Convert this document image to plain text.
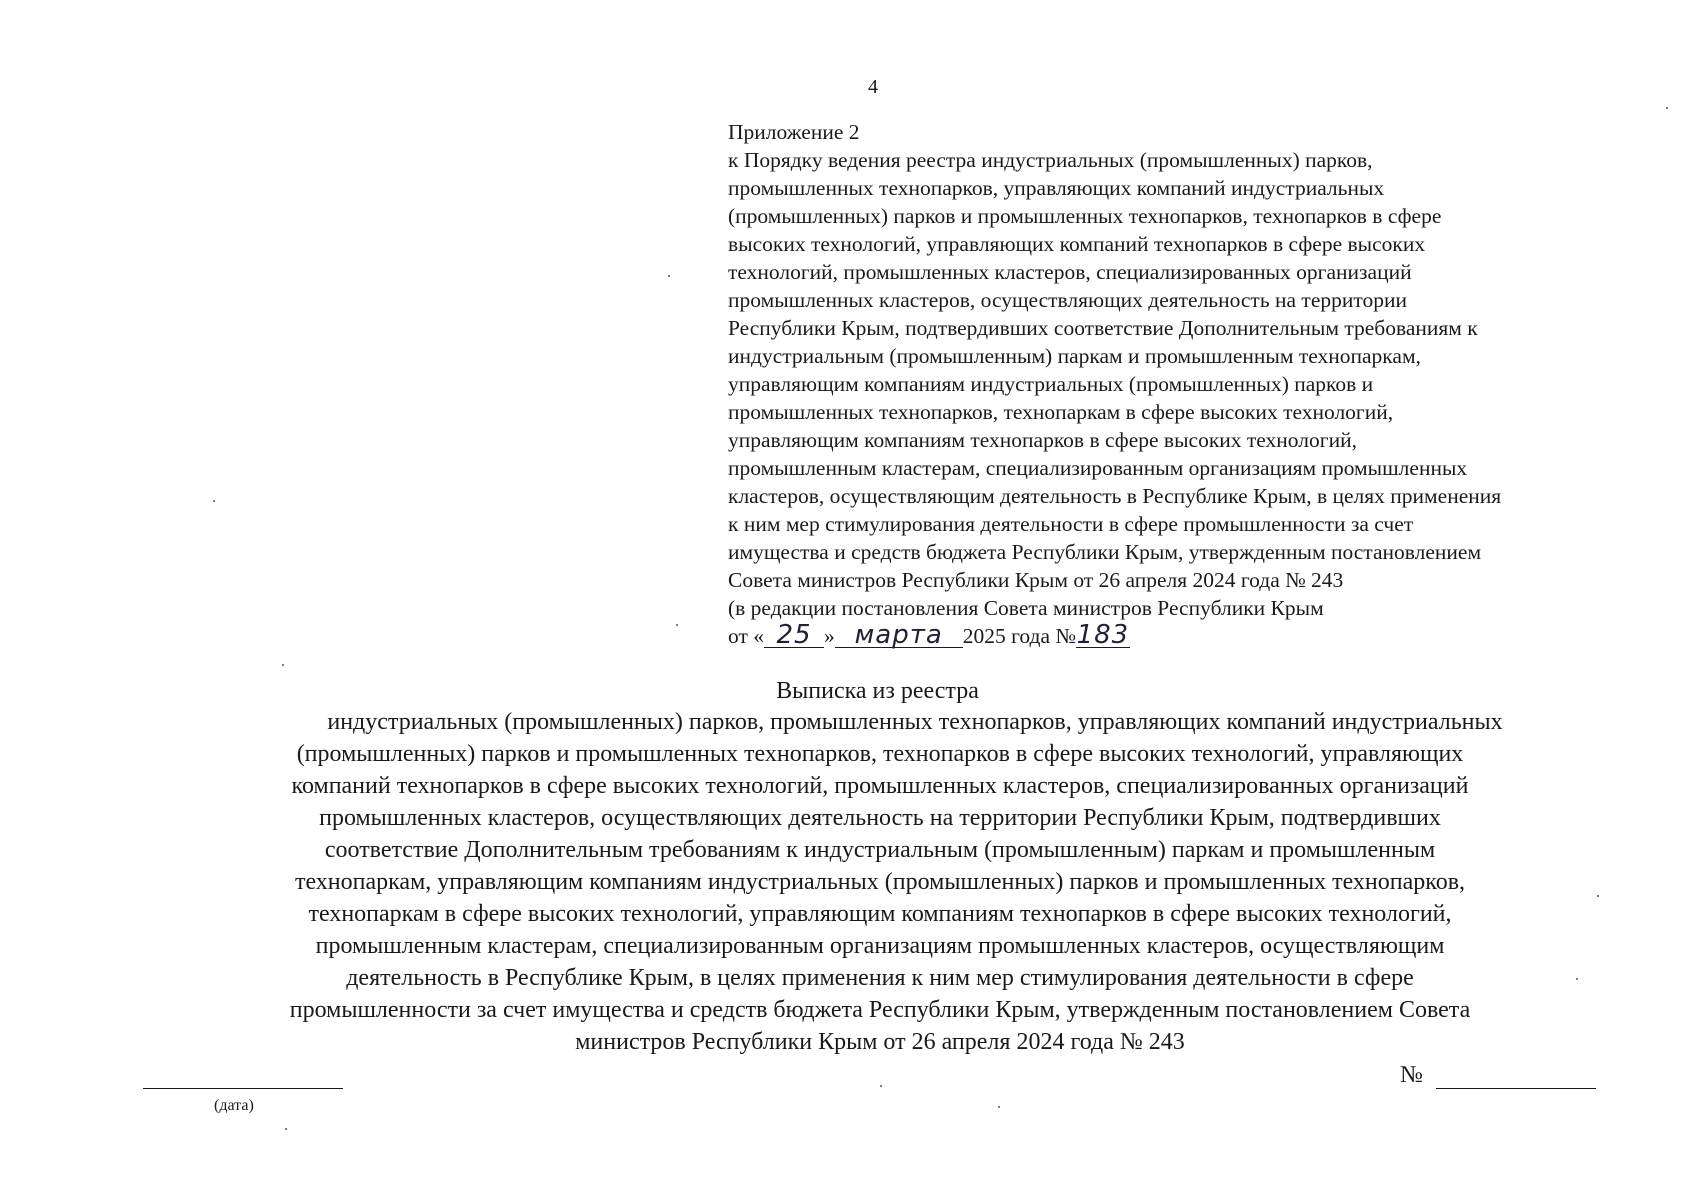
4
Приложение 2
к Порядку ведения реестра индустриальных (промышленных) парков,
промышленных технопарков, управляющих компаний индустриальных
(промышленных) парков и промышленных технопарков, технопарков в сфере
высоких технологий, управляющих компаний технопарков в сфере высоких
технологий, промышленных кластеров, специализированных организаций
промышленных кластеров, осуществляющих деятельность на территории
Республики Крым, подтвердивших соответствие Дополнительным требованиям к
индустриальным (промышленным) паркам и промышленным технопаркам,
управляющим компаниям индустриальных (промышленных) парков и
промышленных технопарков, технопаркам в сфере высоких технологий,
управляющим компаниям технопарков в сфере высоких технологий,
промышленным кластерам, специализированным организациям промышленных
кластеров, осуществляющим деятельность в Республике Крым, в целях применения
к ним мер стимулирования деятельности в сфере промышленности за счет
имущества и средств бюджета Республики Крым, утвержденным постановлением
Совета министров Республики Крым от 26 апреля 2024 года № 243
(в редакции постановления Совета министров Республики Крым
от « 25 » марта 2025 года №183
Выписка из реестра
индустриальных (промышленных) парков, промышленных технопарков, управляющих компаний индустриальных
(промышленных) парков и промышленных технопарков, технопарков в сфере высоких технологий, управляющих
компаний технопарков в сфере высоких технологий, промышленных кластеров, специализированных организаций
промышленных кластеров, осуществляющих деятельность на территории Республики Крым, подтвердивших
соответствие Дополнительным требованиям к индустриальным (промышленным) паркам и промышленным
технопаркам, управляющим компаниям индустриальных (промышленных) парков и промышленных технопарков,
технопаркам в сфере высоких технологий, управляющим компаниям технопарков в сфере высоких технологий,
промышленным кластерам, специализированным организациям промышленных кластеров, осуществляющим
деятельность в Республике Крым, в целях применения к ним мер стимулирования деятельности в сфере
промышленности за счет имущества и средств бюджета Республики Крым, утвержденным постановлением Совета
министров Республики Крым от 26 апреля 2024 года № 243
(дата)
№
